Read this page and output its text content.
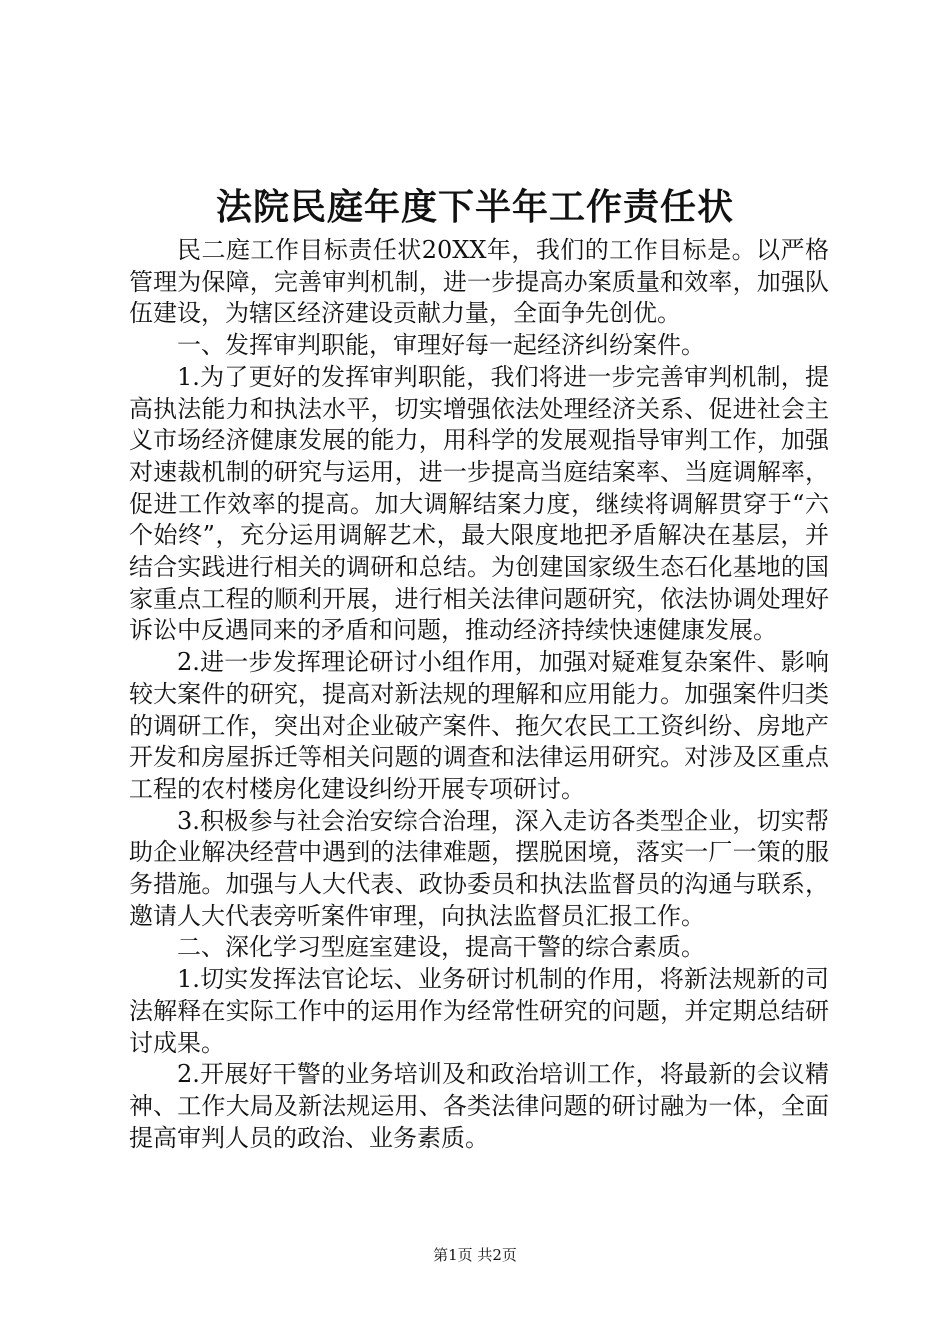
法院民庭年度下半年工作责任状

民二庭工作目标责任状20XX年，我们的工作目标是。以严格管理为保障，完善审判机制，进一步提高办案质量和效率，加强队伍建设，为辖区经济建设贡献力量，全面争先创优。

一、发挥审判职能，审理好每一起经济纠纷案件。

1.为了更好的发挥审判职能，我们将进一步完善审判机制，提高执法能力和执法水平，切实增强依法处理经济关系、促进社会主义市场经济健康发展的能力，用科学的发展观指导审判工作，加强对速裁机制的研究与运用，进一步提高当庭结案率、当庭调解率，促进工作效率的提高。加大调解结案力度，继续将调解贯穿于“六个始终”，充分运用调解艺术，最大限度地把矛盾解决在基层，并结合实践进行相关的调研和总结。为创建国家级生态石化基地的国家重点工程的顺利开展，进行相关法律问题研究，依法协调处理好诉讼中反遇同来的矛盾和问题，推动经济持续快速健康发展。

2.进一步发挥理论研讨小组作用，加强对疑难复杂案件、影响较大案件的研究，提高对新法规的理解和应用能力。加强案件归类的调研工作，突出对企业破产案件、拖欠农民工工资纠纷、房地产开发和房屋拆迁等相关问题的调查和法律运用研究。对涉及区重点工程的农村楼房化建设纠纷开展专项研讨。

3.积极参与社会治安综合治理，深入走访各类型企业，切实帮助企业解决经营中遇到的法律难题，摆脱困境，落实一厂一策的服务措施。加强与人大代表、政协委员和执法监督员的沟通与联系，邀请人大代表旁听案件审理，向执法监督员汇报工作。

二、深化学习型庭室建设，提高干警的综合素质。

1.切实发挥法官论坛、业务研讨机制的作用，将新法规新的司法解释在实际工作中的运用作为经常性研究的问题，并定期总结研讨成果。

2.开展好干警的业务培训及和政治培训工作，将最新的会议精神、工作大局及新法规运用、各类法律问题的研讨融为一体，全面提高审判人员的政治、业务素质。

第1页 共2页
